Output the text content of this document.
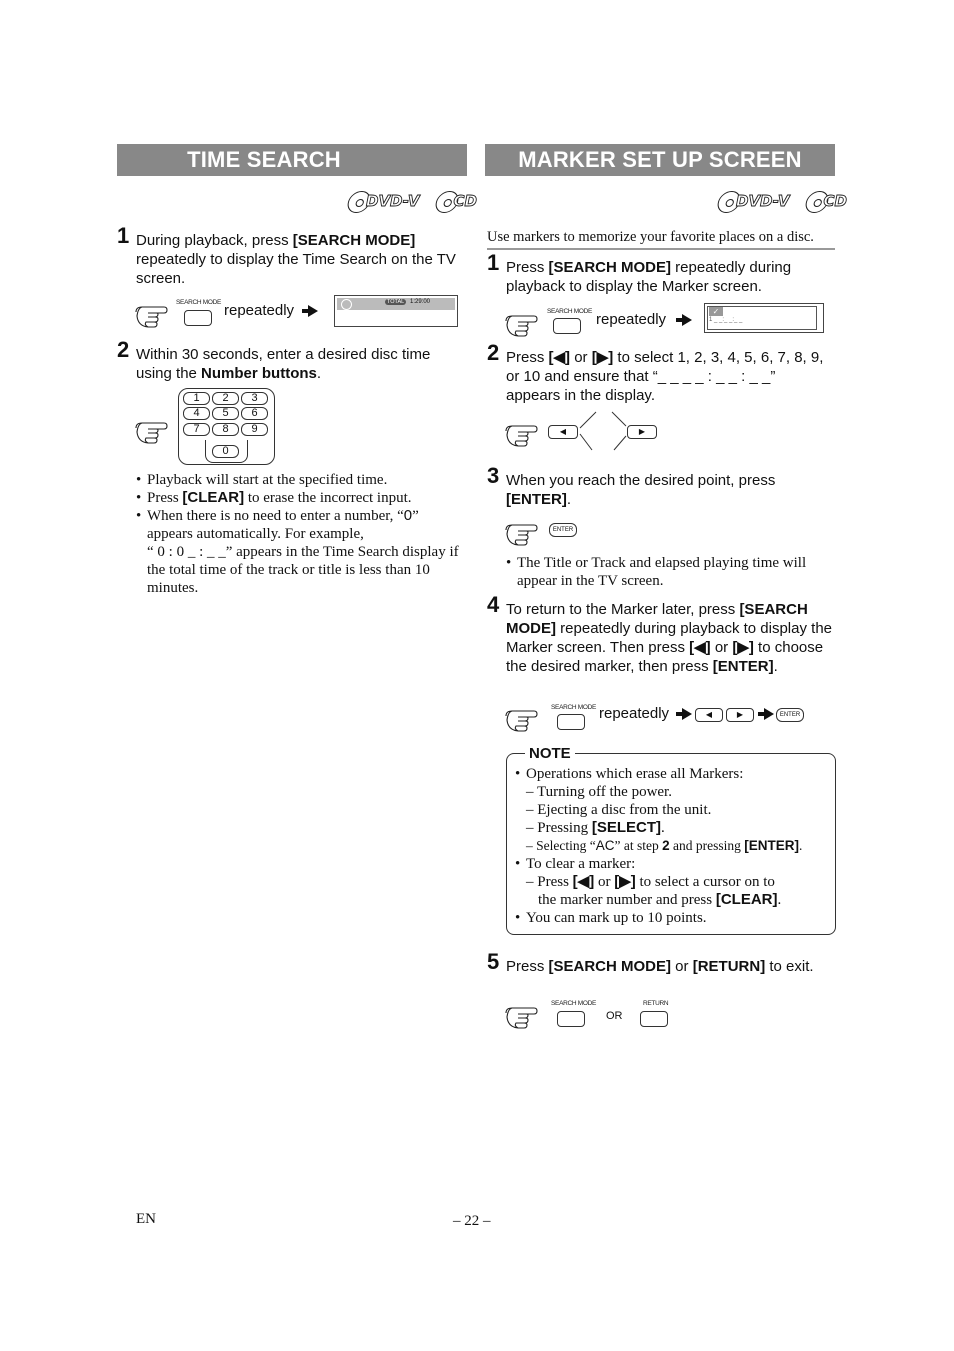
TIME SEARCH
DVD-V	CD
1 During playback, press [SEARCH MODE] repeatedly to display the Time Search on the TV screen.
SEARCH MODE repeatedly	TOTAL 1:29:00
2 Within 30 seconds, enter a desired disc time using the Number buttons.
1	2	3
4	5	6
7	8	9
0
• Playback will start at the specified time.
• Press [CLEAR] to erase the incorrect input.
• When there is no need to enter a number, “0” appears automatically. For example,
“ 0 : 0 _ : _ _” appears in the Time Search display if the total time of the track or title is less than 10 minutes.
MARKER SET UP SCREEN
DVD-V	CD
Use markers to memorize your favorite places on a disc.
1 Press [SEARCH MODE] repeatedly during playback to display the Marker screen.
SEARCH MODE repeatedly	✓
1 _ _:_ _:_ _
2 Press [◀] or [▶] to select 1, 2, 3, 4, 5, 6, 7, 8, 9, or 10 and ensure that “_ _ _ _ : _ _ : _ _” appears in the display.
◀	▶
3 When you reach the desired point, press [ENTER].
ENTER
• The Title or Track and elapsed playing time will appear in the TV screen.
4 To return to the Marker later, press [SEARCH MODE] repeatedly during playback to display the Marker screen. Then press [◀] or [▶] to choose the desired marker, then press [ENTER].
SEARCH MODE repeatedly	◀	▶	ENTER
NOTE
• Operations which erase all Markers:
– Turning off the power.
– Ejecting a disc from the unit.
– Pressing [SELECT].
– Selecting “AC” at step 2 and pressing [ENTER].
• To clear a marker:
– Press [◀] or [▶] to select a cursor on to
the marker number and press [CLEAR].
• You can mark up to 10 points.
5 Press [SEARCH MODE] or [RETURN] to exit.
SEARCH MODE
OR
RETURN
EN	– 22 –
